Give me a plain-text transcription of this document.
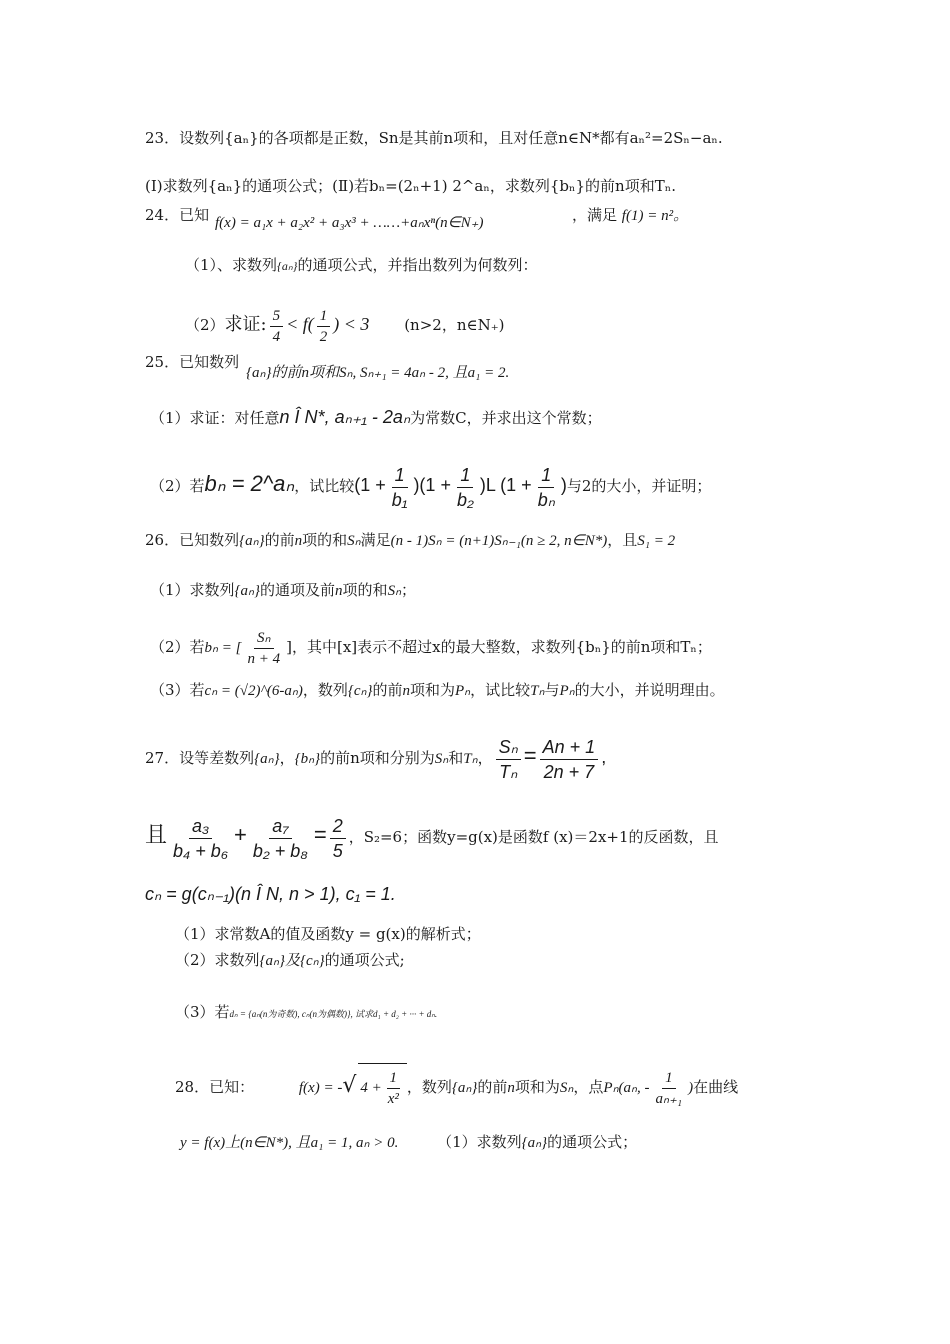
23．设数列{aₙ}的各项都是正数，Sn是其前n项和，且对任意n∈N*都有aₙ²=2Sₙ−aₙ.
(Ⅰ)求数列{aₙ}的通项公式；(Ⅱ)若bₙ=(2ₙ+1) 2^aₙ，求数列{bₙ}的前n项和Tₙ.
24．已知 f(x) = a₁x + a₂x² + a₃x³ + ……+aₙxⁿ(n∈N₊)	，满足 f(1) = n²。
（1）、求数列{aₙ}的通项公式，并指出数列为何数列：
（2）求证: $\frac{5}{4} < f( \frac{1}{2}$ ) < 3 (n>2，n∈N₊)
25．已知数列
{aₙ}的前n项和Sₙ, Sₙ₊₁ = 4aₙ - 2, 且a₁ = 2.
（1）求证：对任意n Î N*, aₙ₊₁ - 2aₙ为常数C，并求出这个常数；
（2）若bₙ = 2^aₙ，试比较$(1 + \frac{1}{\text{b₁}} )(1 + \frac{1}{\text{b₂}} )L$ ($1 + \frac{1}{\text{bₙ}}$ )与2的大小，并证明；
26．已知数列{aₙ}的前n项的和Sₙ满足(n - 1)Sₙ = (n+1)Sₙ₋₁(n ≥ 2, n∈N*)，且S₁ = 2
（1）求数列{aₙ}的通项及前n项的和Sₙ；
（2）若bₙ = [ $\frac{\text{Sₙ}}{n + 4}$ ]，其中[x]表示不超过x的最大整数，求数列{bₙ}的前n项和Tₙ；
（3）若cₙ = (√2)^(6-aₙ)，数列{cₙ}的前n项和为Pₙ，试比较Tₙ与Pₙ的大小，并说明理由。
27．设等差数列{aₙ}，{bₙ}的前n项和分别为Sₙ和Tₙ， $\frac{\text{Sₙ}}{\text{Tₙ}} = \frac{An + 1}{2n + 7}$ ,
且 $\frac{\text{a₃}}{\text{b₄ + b₆}} + \frac{\text{a₇}}{\text{b₂ + b₈}} = \frac{2}{5}$ ，S₂=6；函数y=g(x)是函数f (x)＝2x+1的反函数，且
cₙ = g(cₙ₋₁)(n Î N, n > 1), c₁ = 1.
（1）求常数A的值及函数y = g(x)的解析式；
（2）求数列{aₙ}及{cₙ}的通项公式;
（3）若dₙ = {aₙ(n为奇数), cₙ(n为偶数)}, 试求d₁ + d₂ + ··· + dₙ.
28．已知：	f(x) = -√ $4 + \frac{1}{\text{x²}}$ ，数列{aₙ}的前n项和为Sₙ，点Pₙ(aₙ, - $\frac{1}{\text{aₙ₊₁}}$ )在曲线
y = f(x)上(n∈N*), 且a₁ = 1, aₙ > 0.	（1）求数列{aₙ}的通项公式；
